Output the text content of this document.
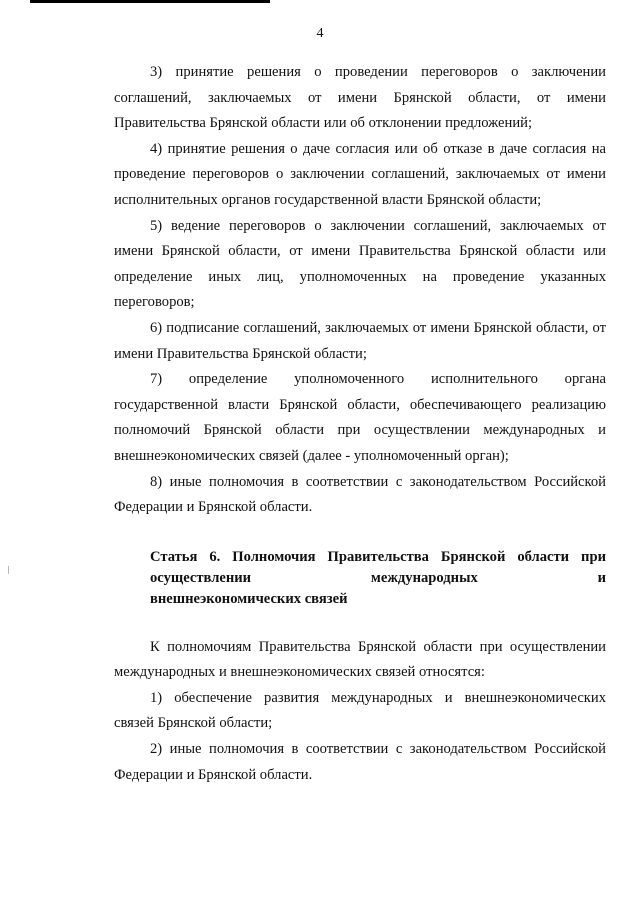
4

3) принятие решения о проведении переговоров о заключении соглашений, заключаемых от имени Брянской области, от имени Правительства Брянской области или об отклонении предложений;

4) принятие решения о даче согласия или об отказе в даче согласия на проведение переговоров о заключении соглашений, заключаемых от имени исполнительных органов государственной власти Брянской области;

5) ведение переговоров о заключении соглашений, заключаемых от имени Брянской области, от имени Правительства Брянской области или определение иных лиц, уполномоченных на проведение указанных переговоров;

6) подписание соглашений, заключаемых от имени Брянской области, от имени Правительства Брянской области;

7) определение уполномоченного исполнительного органа государственной власти Брянской области, обеспечивающего реализацию полномочий Брянской области при осуществлении международных и внешнеэкономических связей (далее - уполномоченный орган);

8) иные полномочия в соответствии с законодательством Российской Федерации и Брянской области.

Статья 6. Полномочия Правительства Брянской области при
осуществлении международных и
внешнеэкономических связей

К полномочиям Правительства Брянской области при осуществлении международных и внешнеэкономических связей относятся:

1) обеспечение развития международных и внешнеэкономических связей Брянской области;

2) иные полномочия в соответствии с законодательством Российской Федерации и Брянской области.
